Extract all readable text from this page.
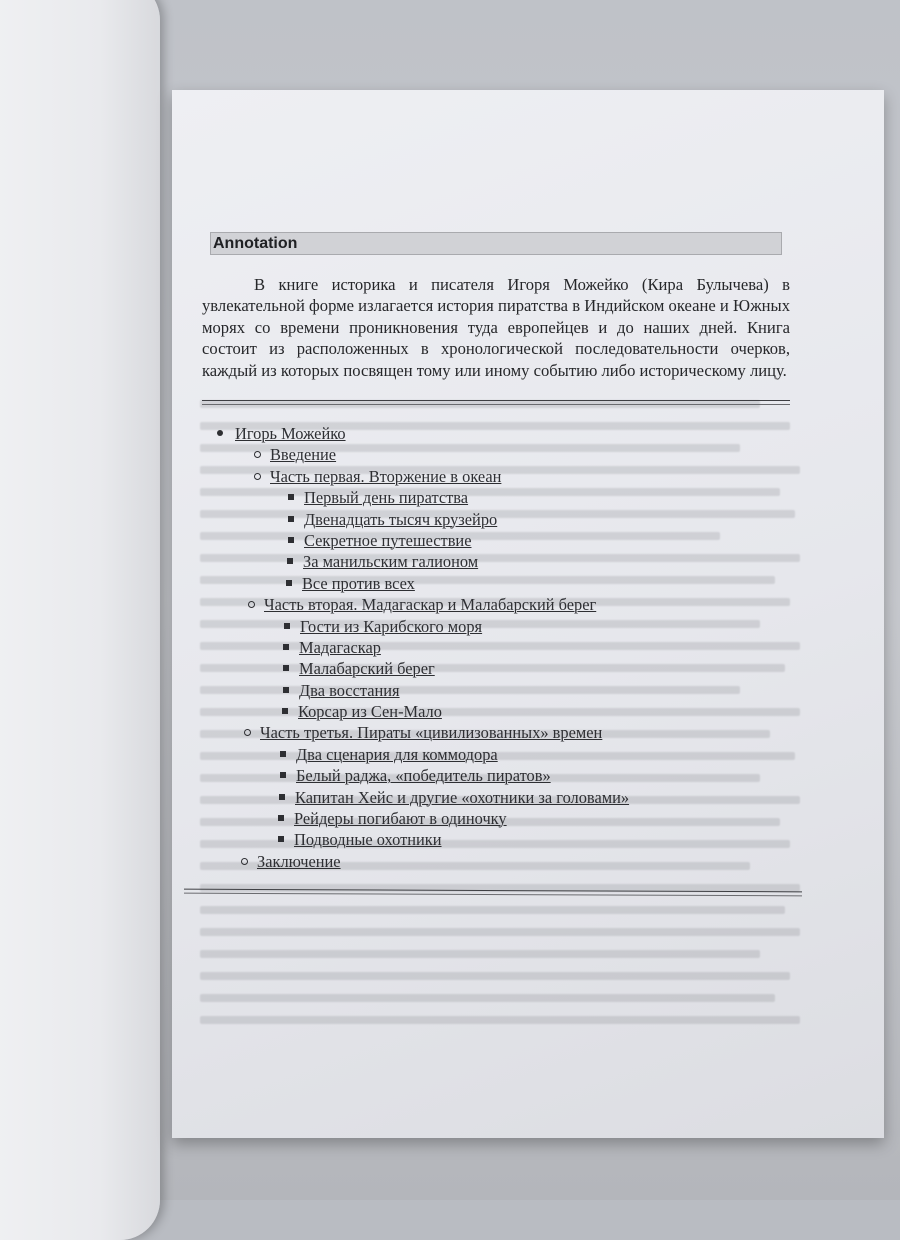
Annotation
В книге историка и писателя Игоря Можейко (Кира Булычева) в увлекательной форме излагается история пиратства в Индийском океане и Южных морях со времени проникновения туда европейцев и до наших дней. Книга состоит из расположенных в хронологической последовательности очерков, каждый из которых посвящен тому или иному событию либо историческому лицу.
Игорь Можейко
Введение
Часть первая. Вторжение в океан
Первый день пиратства
Двенадцать тысяч крузейро
Секретное путешествие
За манильским галионом
Все против всех
Часть вторая. Мадагаскар и Малабарский берег
Гости из Карибского моря
Мадагаскар
Малабарский берег
Два восстания
Корсар из Сен-Мало
Часть третья. Пираты «цивилизованных» времен
Два сценария для коммодора
Белый раджа, «победитель пиратов»
Капитан Хейс и другие «охотники за головами»
Рейдеры погибают в одиночку
Подводные охотники
Заключение
